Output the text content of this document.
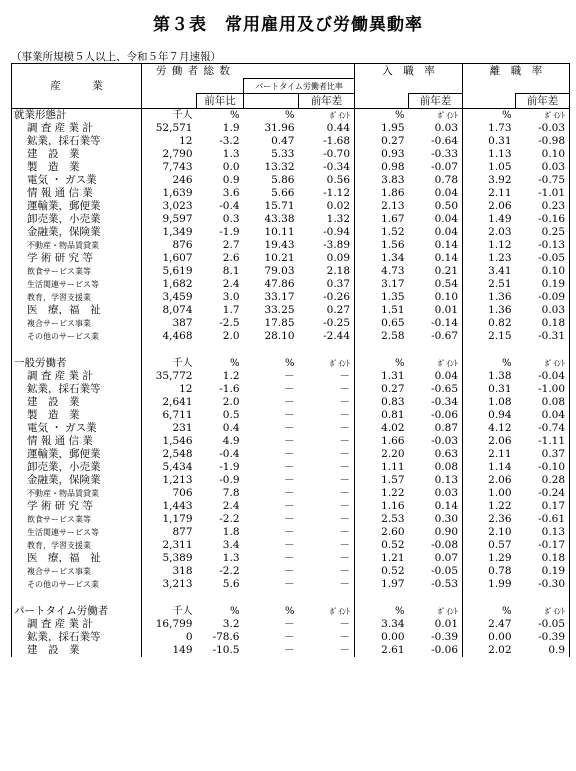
第３表　常用雇用及び労働異動率
（事業所規模５人以上、令和５年７月速報）
	労 働 者 総 数				入　職　率		離　職　率	
産　　　業			パートタイム労働者比率					
		前年比		前年差		前年差		前年差
就業形態計	千人	%	%	ﾎﾟｲﾝﾄ	%	ﾎﾟｲﾝﾄ	%	ﾎﾟｲﾝﾄ
調 査 産 業 計	52,571	1.9	31.96	0.44	1.95	0.03	1.73	-0.03
鉱業，採石業等	12	-3.2	0.47	-1.68	0.27	-0.64	0.31	-0.98
建　設　業	2,790	1.3	5.33	-0.70	0.93	-0.33	1.13	0.10
製　造　業	7,743	0.0	13.32	-0.34	0.98	-0.07	1.05	0.03
電気 ・ ガス業	246	0.9	5.86	0.56	3.83	0.78	3.92	-0.75
情 報 通 信 業	1,639	3.6	5.66	-1.12	1.86	0.04	2.11	-1.01
運輸業，郵便業	3,023	-0.4	15.71	0.02	2.13	0.50	2.06	0.23
卸売業，小売業	9,597	0.3	43.38	1.32	1.67	0.04	1.49	-0.16
金融業，保険業	1,349	-1.9	10.11	-0.94	1.52	0.04	2.03	0.25
不動産・物品賃貸業	876	2.7	19.43	-3.89	1.56	0.14	1.12	-0.13
学 術 研 究 等	1,607	2.6	10.21	0.09	1.34	0.14	1.23	-0.05
飲食サービス業等	5,619	8.1	79.03	2.18	4.73	0.21	3.41	0.10
生活関連サービス等	1,682	2.4	47.86	0.37	3.17	0.54	2.51	0.19
教育，学習支援業	3,459	3.0	33.17	-0.26	1.35	0.10	1.36	-0.09
医　療，福　祉	8,074	1.7	33.25	0.27	1.51	0.01	1.36	0.03
複合サービス事業	387	-2.5	17.85	-0.25	0.65	-0.14	0.82	0.18
その他のサービス業	4,468	2.0	28.10	-2.44	2.58	-0.67	2.15	-0.31

一般労働者	千人	%	%	ﾎﾟｲﾝﾄ	%	ﾎﾟｲﾝﾄ	%	ﾎﾟｲﾝﾄ
調 査 産 業 計	35,772	1.2	－	－	1.31	0.04	1.38	-0.04
鉱業，採石業等	12	-1.6	－	－	0.27	-0.65	0.31	-1.00
建　設　業	2,641	2.0	－	－	0.83	-0.34	1.08	0.08
製　造　業	6,711	0.5	－	－	0.81	-0.06	0.94	0.04
電気 ・ ガス業	231	0.4	－	－	4.02	0.87	4.12	-0.74
情 報 通 信 業	1,546	4.9	－	－	1.66	-0.03	2.06	-1.11
運輸業，郵便業	2,548	-0.4	－	－	2.20	0.63	2.11	0.37
卸売業，小売業	5,434	-1.9	－	－	1.11	0.08	1.14	-0.10
金融業，保険業	1,213	-0.9	－	－	1.57	0.13	2.06	0.28
不動産・物品賃貸業	706	7.8	－	－	1.22	0.03	1.00	-0.24
学 術 研 究 等	1,443	2.4	－	－	1.16	0.14	1.22	0.17
飲食サービス業等	1,179	-2.2	－	－	2.53	0.30	2.36	-0.61
生活関連サービス等	877	1.8	－	－	2.60	0.90	2.10	0.13
教育，学習支援業	2,311	3.4	－	－	0.52	-0.08	0.57	-0.17
医　療，福　祉	5,389	1.3	－	－	1.21	0.07	1.29	0.18
複合サービス事業	318	-2.2	－	－	0.52	-0.05	0.78	0.19
その他のサービス業	3,213	5.6	－	－	1.97	-0.53	1.99	-0.30

パートタイム労働者	千人	%	%	ﾎﾟｲﾝﾄ	%	ﾎﾟｲﾝﾄ	%	ﾎﾟｲﾝﾄ
調 査 産 業 計	16,799	3.2	－	－	3.34	0.01	2.47	-0.05
鉱業，採石業等	0	-78.6	－	－	0.00	-0.39	0.00	-0.39
建　設　業	149	-10.5	－	－	2.61	-0.06	2.02	0.9
